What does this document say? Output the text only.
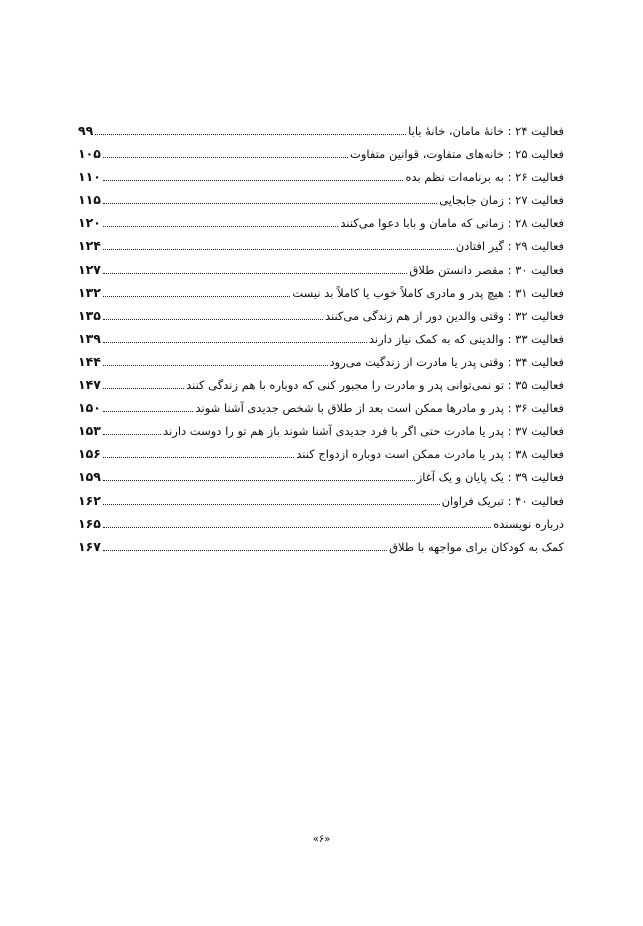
فعالیت ۲۴ : خانهٔ مامان، خانهٔ بابا
۹۹
فعالیت ۲۵ : خانه‌های متفاوت، قوانین متفاوت
۱۰۵
فعالیت ۲۶ : به برنامه‌ات نظم بده
۱۱۰
فعالیت ۲۷ : زمان جابجایی
۱۱۵
فعالیت ۲۸ : زمانی که مامان و بابا دعوا می‌کنند
۱۲۰
فعالیت ۲۹ : گیر افتادن
۱۲۴
فعالیت ۳۰ : مقصر دانستن طلاق
۱۲۷
فعالیت ۳۱ : هیچ پدر و مادری کاملاً خوب یا کاملاً بد نیست
۱۳۲
فعالیت ۳۲ : وقتی والدین دور از هم زندگی می‌کنند
۱۳۵
فعالیت ۳۳ : والدینی که به کمک نیاز دارند
۱۳۹
فعالیت ۳۴ : وقتی پدر یا مادرت از زندگیت می‌رود
۱۴۴
فعالیت ۳۵ : تو نمی‌توانی پدر و مادرت را مجبور کنی که دوباره با هم زندگی کنند
۱۴۷
فعالیت ۳۶ : پدر و مادرها ممکن است بعد از طلاق با شخص جدیدی آشنا شوند
۱۵۰
فعالیت ۳۷ : پدر یا مادرت حتی اگر با فرد جدیدی آشنا شوند باز هم تو را دوست دارند
۱۵۳
فعالیت ۳۸ : پدر یا مادرت ممکن است دوباره ازدواج کنند
۱۵۶
فعالیت ۳۹ : یک پایان و یک آغاز
۱۵۹
فعالیت ۴۰ : تبریک فراوان
۱۶۲
درباره نویسنده
۱۶۵
کمک به کودکان برای مواجهه با طلاق
۱۶۷
«۶»
